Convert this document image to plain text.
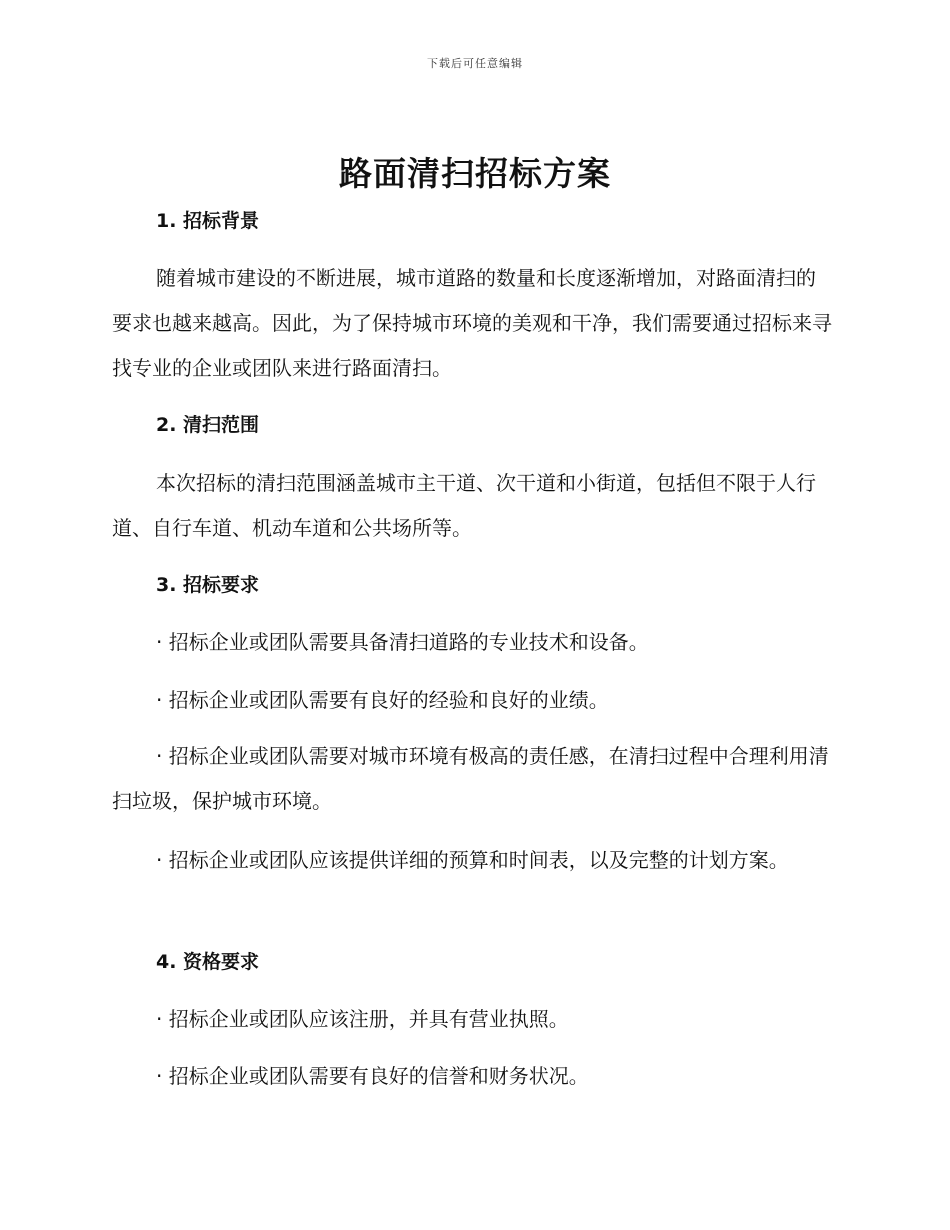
下载后可任意编辑
路面清扫招标方案
1. 招标背景

随着城市建设的不断进展，城市道路的数量和长度逐渐增加，对路面清扫的要求也越来越高。因此，为了保持城市环境的美观和干净，我们需要通过招标来寻找专业的企业或团队来进行路面清扫。

2. 清扫范围

本次招标的清扫范围涵盖城市主干道、次干道和小街道，包括但不限于人行道、自行车道、机动车道和公共场所等。

3. 招标要求

· 招标企业或团队需要具备清扫道路的专业技术和设备。

· 招标企业或团队需要有良好的经验和良好的业绩。

· 招标企业或团队需要对城市环境有极高的责任感，在清扫过程中合理利用清扫垃圾，保护城市环境。

· 招标企业或团队应该提供详细的预算和时间表，以及完整的计划方案。

4. 资格要求

· 招标企业或团队应该注册，并具有营业执照。

· 招标企业或团队需要有良好的信誉和财务状况。
